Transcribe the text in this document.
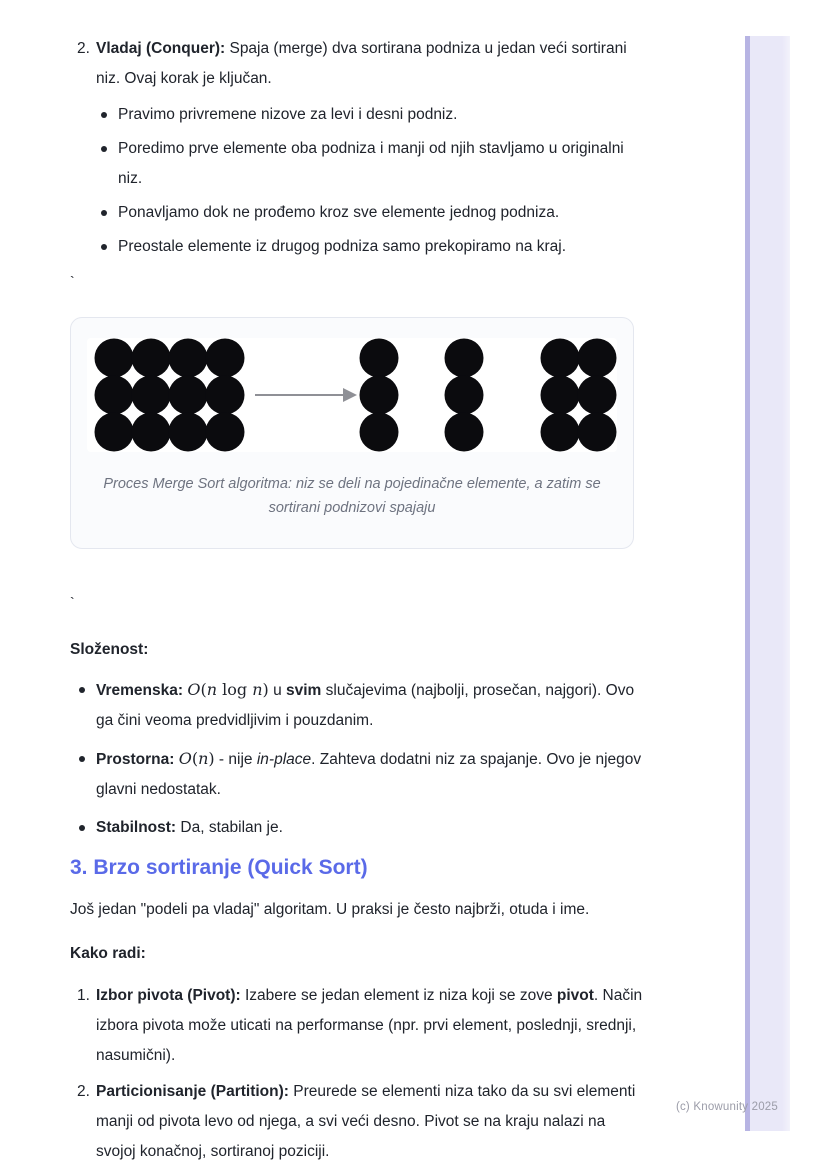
2. Vladaj (Conquer): Spaja (merge) dva sortirana podniza u jedan veći sortirani niz. Ovaj korak je ključan.
Pravimo privremene nizove za levi i desni podniz.
Poredimo prve elemente oba podniza i manji od njih stavljamo u originalni niz.
Ponavljamo dok ne prođemo kroz sve elemente jednog podniza.
Preostale elemente iz drugog podniza samo prekopiramo na kraj.
`
Proces Merge Sort algoritma: niz se deli na pojedinačne elemente, a zatim se sortirani podnizovi spajaju
`
Složenost:
Vremenska: O(n log n) u svim slučajevima (najbolji, prosečan, najgori). Ovo ga čini veoma predvidljivim i pouzdanim.
Prostorna: O(n) - nije in-place. Zahteva dodatni niz za spajanje. Ovo je njegov glavni nedostatak.
Stabilnost: Da, stabilan je.
3. Brzo sortiranje (Quick Sort)

Još jedan "podeli pa vladaj" algoritam. U praksi je često najbrži, otuda i ime.

Kako radi:
1. Izbor pivota (Pivot): Izabere se jedan element iz niza koji se zove pivot. Način izbora pivota može uticati na performanse (npr. prvi element, poslednji, srednji, nasumični).
2. Particionisanje (Partition): Preurede se elementi niza tako da su svi elementi manji od pivota levo od njega, a svi veći desno. Pivot se na kraju nalazi na svojoj konačnoj, sortiranoj poziciji.
(c) Knowunity 2025
